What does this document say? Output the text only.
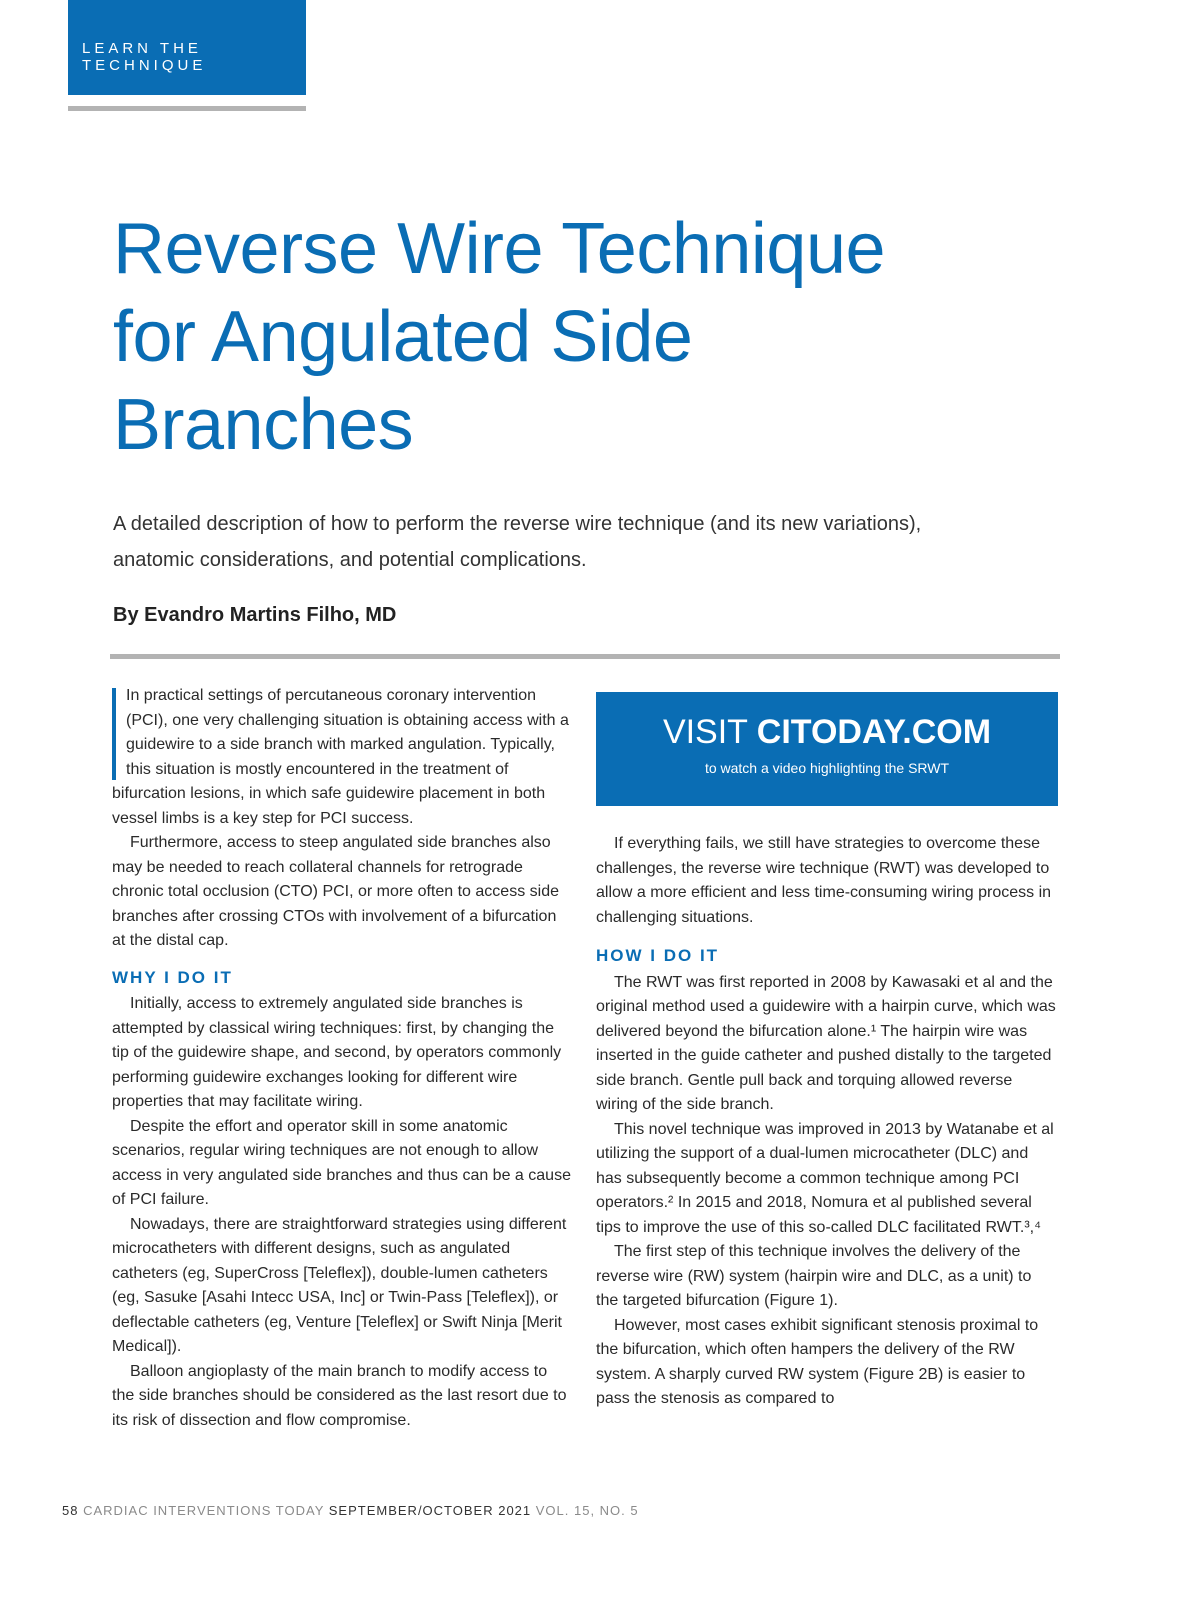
LEARN THE TECHNIQUE
Reverse Wire Technique
for Angulated Side
Branches

A detailed description of how to perform the reverse wire technique (and its new variations),
anatomic considerations, and potential complications.

By Evandro Martins Filho, MD

In practical settings of percutaneous coronary intervention (PCI), one very challenging situation is obtaining access with a guidewire to a side branch with marked angulation. Typically, this situation is mostly encountered in the treatment of bifurcation lesions, in which safe guidewire placement in both vessel limbs is a key step for PCI success.

Furthermore, access to steep angulated side branches also may be needed to reach collateral channels for retrograde chronic total occlusion (CTO) PCI, or more often to access side branches after crossing CTOs with involvement of a bifurcation at the distal cap.

WHY I DO IT

Initially, access to extremely angulated side branches is attempted by classical wiring techniques: first, by changing the tip of the guidewire shape, and second, by operators commonly performing guidewire exchanges looking for different wire properties that may facilitate wiring.

Despite the effort and operator skill in some anatomic scenarios, regular wiring techniques are not enough to allow access in very angulated side branches and thus can be a cause of PCI failure.

Nowadays, there are straightforward strategies using different microcatheters with different designs, such as angulated catheters (eg, SuperCross [Teleflex]), double-lumen catheters (eg, Sasuke [Asahi Intecc USA, Inc] or Twin-Pass [Teleflex]), or deflectable catheters (eg, Venture [Teleflex] or Swift Ninja [Merit Medical]).

Balloon angioplasty of the main branch to modify access to the side branches should be considered as the last resort due to its risk of dissection and flow compromise.

VISIT CITODAY.COM
to watch a video highlighting the SRWT

If everything fails, we still have strategies to overcome these challenges, the reverse wire technique (RWT) was developed to allow a more efficient and less time-consuming wiring process in challenging situations.

HOW I DO IT

The RWT was first reported in 2008 by Kawasaki et al and the original method used a guidewire with a hairpin curve, which was delivered beyond the bifurcation alone.¹ The hairpin wire was inserted in the guide catheter and pushed distally to the targeted side branch. Gentle pull back and torquing allowed reverse wiring of the side branch.

This novel technique was improved in 2013 by Watanabe et al utilizing the support of a dual-lumen microcatheter (DLC) and has subsequently become a common technique among PCI operators.² In 2015 and 2018, Nomura et al published several tips to improve the use of this so-called DLC facilitated RWT.³,⁴

The first step of this technique involves the delivery of the reverse wire (RW) system (hairpin wire and DLC, as a unit) to the targeted bifurcation (Figure 1).

However, most cases exhibit significant stenosis proximal to the bifurcation, which often hampers the delivery of the RW system. A sharply curved RW system (Figure 2B) is easier to pass the stenosis as compared to

58 CARDIAC INTERVENTIONS TODAY SEPTEMBER/OCTOBER 2021 VOL. 15, NO. 5
